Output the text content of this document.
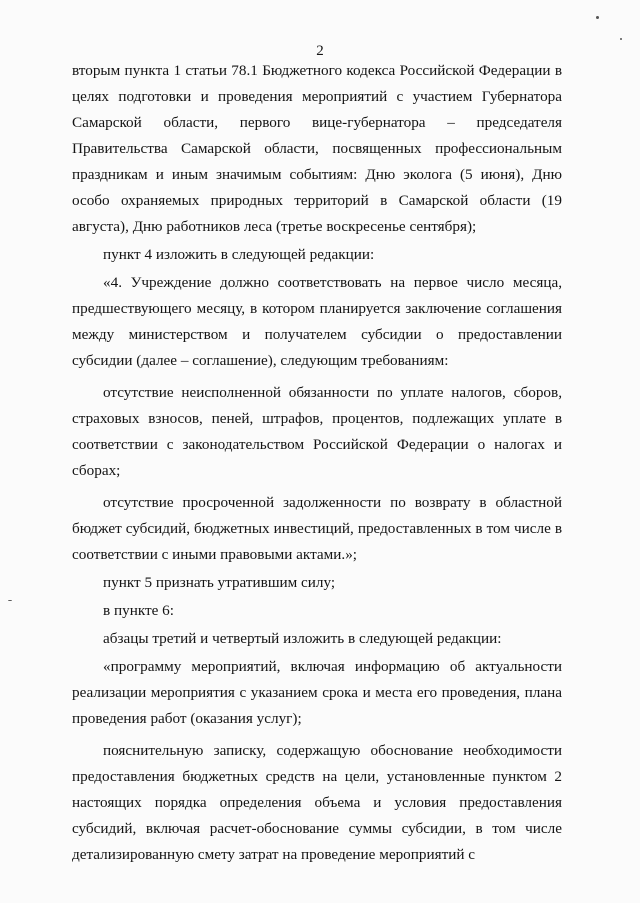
2

вторым пункта 1 статьи 78.1 Бюджетного кодекса Российской Федерации в целях подготовки и проведения мероприятий с участием Губернатора Самарской области, первого вице-губернатора – председателя Правительства Самарской области, посвященных профессиональным праздникам и иным значимым событиям: Дню эколога (5 июня), Дню особо охраняемых природных территорий в Самарской области (19 августа), Дню работников леса (третье воскресенье сентября);

пункт 4 изложить в следующей редакции:

«4. Учреждение должно соответствовать на первое число месяца, предшествующего месяцу, в котором планируется заключение соглашения между министерством и получателем субсидии о предоставлении субсидии (далее – соглашение), следующим требованиям:

отсутствие неисполненной обязанности по уплате налогов, сборов, страховых взносов, пеней, штрафов, процентов, подлежащих уплате в соответствии с законодательством Российской Федерации о налогах и сборах;

отсутствие просроченной задолженности по возврату в областной бюджет субсидий, бюджетных инвестиций, предоставленных в том числе в соответствии с иными правовыми актами.»;

пункт 5 признать утратившим силу;

в пункте 6:

абзацы третий и четвертый изложить в следующей редакции:

«программу мероприятий, включая информацию об актуальности реализации мероприятия с указанием срока и места его проведения, плана проведения работ (оказания услуг);

пояснительную записку, содержащую обоснование необходимости предоставления бюджетных средств на цели, установленные пунктом 2 настоящих порядка определения объема и условия предоставления субсидий, включая расчет-обоснование суммы субсидии, в том числе детализированную смету затрат на проведение мероприятий с
